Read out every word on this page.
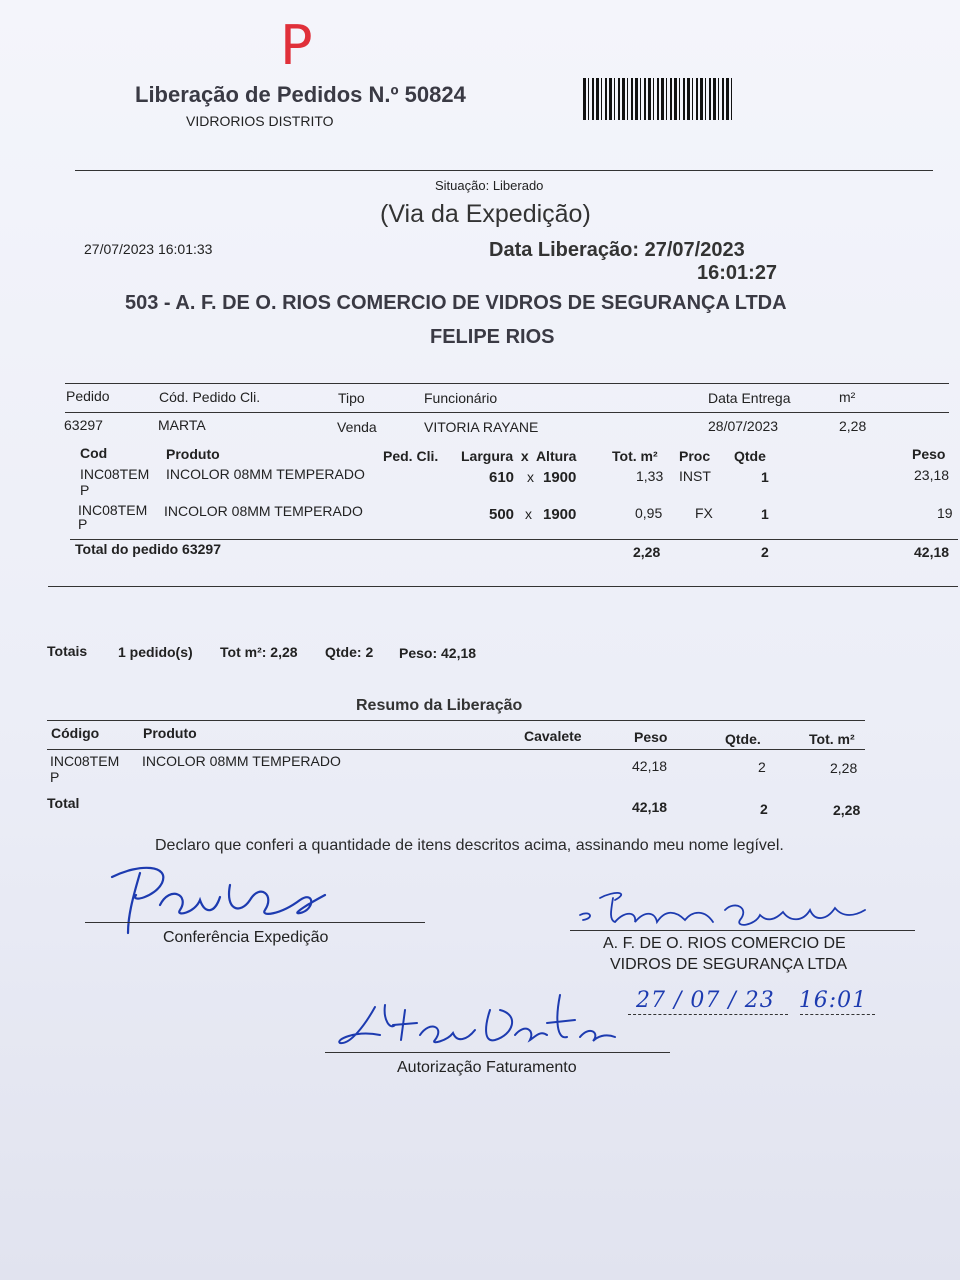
P
Liberação de Pedidos N.º 50824
VIDRORIOS DISTRITO
Situação: Liberado
(Via da Expedição)
27/07/2023 16:01:33	Data Liberação: 27/07/2023
16:01:27
503 - A. F. DE O. RIOS COMERCIO DE VIDROS DE SEGURANÇA LTDA
FELIPE RIOS
Pedido	Cód. Pedido Cli.	Tipo	Funcionário	Data Entrega	m²
63297	MARTA	Venda	VITORIA RAYANE	28/07/2023	2,28
Cod	Produto	Ped. Cli. Largura  x  Altura	Tot. m² Proc Qtde	Peso
INC08TEM
P
INCOLOR 08MM TEMPERADO	610 x 1900	1,33 INST	1	23,18
INC08TEM
P
INCOLOR 08MM TEMPERADO	500 x 1900	0,95 FX	1	19
Total do pedido 63297	2,28	2	42,18
Totais 1 pedido(s) Tot m²: 2,28 Qtde: 2 Peso: 42,18
Resumo da Liberação
Código	Produto	Cavalete	Peso	Qtde.	Tot. m²
INC08TEM
P
INCOLOR 08MM TEMPERADO	42,18	2	2,28
Total	42,18	2	2,28
Declaro que conferi a quantidade de itens descritos acima, assinando meu nome legível.
Conferência Expedição	A. F. DE O. RIOS COMERCIO DE
VIDROS DE SEGURANÇA LTDA
27 / 07 / 23   16:01
Autorização Faturamento
